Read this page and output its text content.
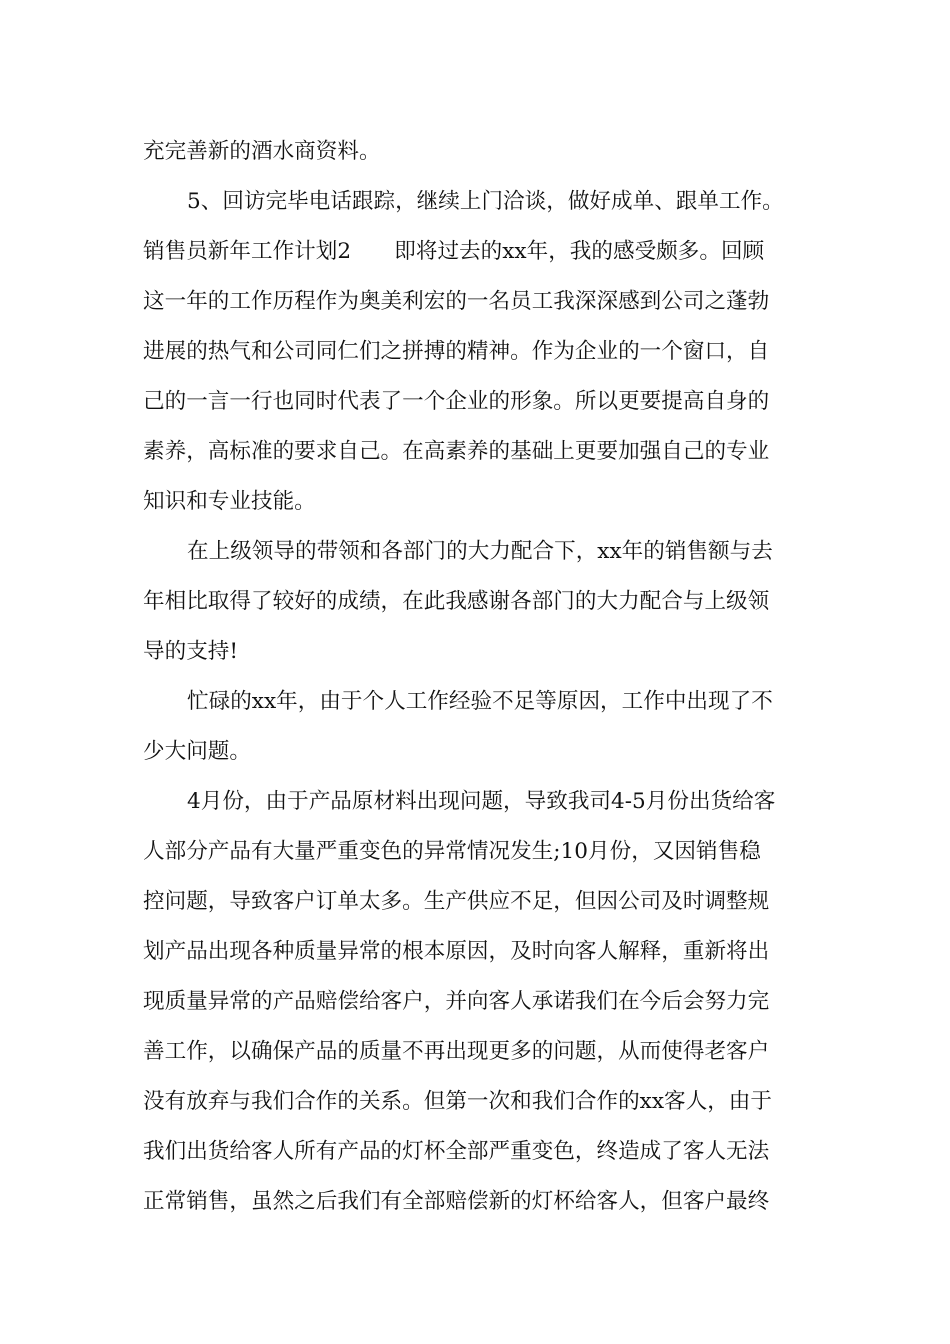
充完善新的酒水商资料。
5、回访完毕电话跟踪，继续上门洽谈，做好成单、跟单工作。
销售员新年工作计划2　　即将过去的xx年，我的感受颇多。回顾
这一年的工作历程作为奥美利宏的一名员工我深深感到公司之蓬勃
进展的热气和公司同仁们之拼搏的精神。作为企业的一个窗口，自
己的一言一行也同时代表了一个企业的形象。所以更要提高自身的
素养，高标准的要求自己。在高素养的基础上更要加强自己的专业
知识和专业技能。
在上级领导的带领和各部门的大力配合下，xx年的销售额与去
年相比取得了较好的成绩，在此我感谢各部门的大力配合与上级领
导的支持!
忙碌的xx年，由于个人工作经验不足等原因，工作中出现了不
少大问题。
4月份，由于产品原材料出现问题，导致我司4-5月份出货给客
人部分产品有大量严重变色的异常情况发生;10月份，又因销售稳
控问题，导致客户订单太多。生产供应不足，但因公司及时调整规
划产品出现各种质量异常的根本原因，及时向客人解释，重新将出
现质量异常的产品赔偿给客户，并向客人承诺我们在今后会努力完
善工作，以确保产品的质量不再出现更多的问题，从而使得老客户
没有放弃与我们合作的关系。但第一次和我们合作的xx客人，由于
我们出货给客人所有产品的灯杯全部严重变色，终造成了客人无法
正常销售，虽然之后我们有全部赔偿新的灯杯给客人，但客户最终
